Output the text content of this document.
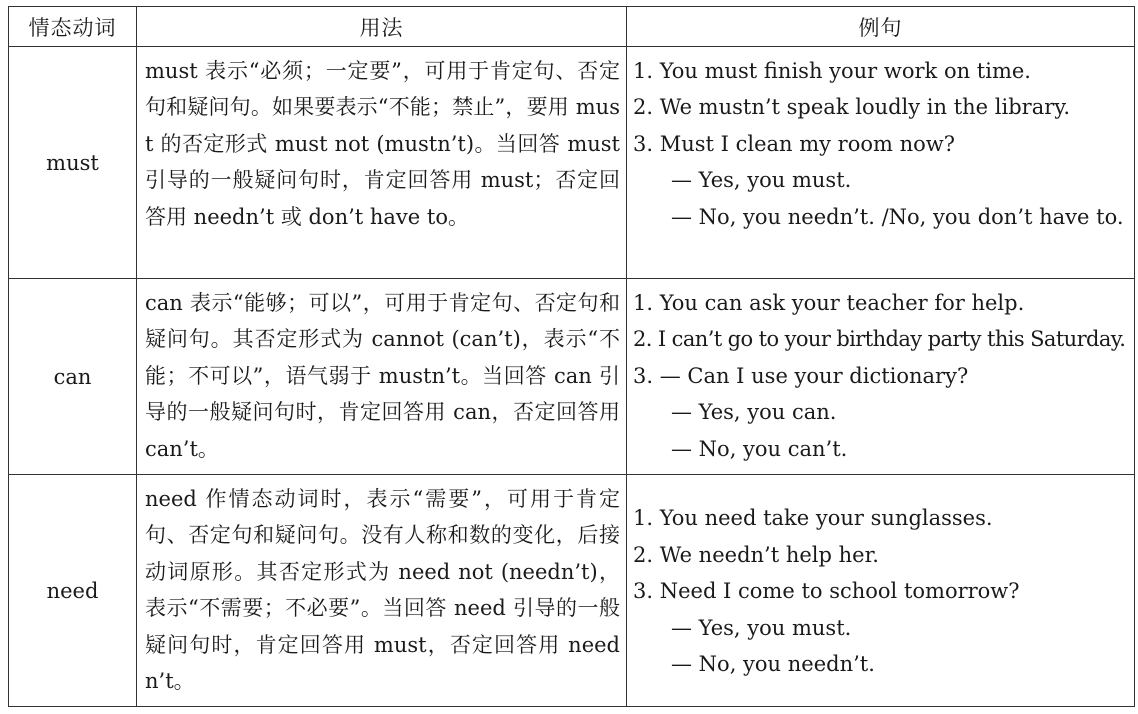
情态动词	用法	例句
must	must 表示“必须；一定要”，可用于肯定句、否定句和疑问句。如果要表示“不能；禁止”，要用 must 的否定形式 must not (mustn’t)。当回答 must 引导的一般疑问句时，肯定回答用 must；否定回答用 needn’t 或 don’t have to。	1. You must finish your work on time.
2. We mustn’t speak loudly in the library.
3. Must I clean my room now?
— Yes, you must.
— No, you needn’t. /No, you don’t have to.

can	can 表示“能够；可以”，可用于肯定句、否定句和疑问句。其否定形式为 cannot (can’t)，表示“不能；不可以”，语气弱于 mustn’t。当回答 can 引导的一般疑问句时，肯定回答用 can，否定回答用 can’t。	1. You can ask your teacher for help.
2. I can’t go to your birthday party this Saturday.
3. — Can I use your dictionary?
— Yes, you can.
— No, you can’t.

need	need 作情态动词时，表示“需要”，可用于肯定句、否定句和疑问句。没有人称和数的变化，后接动词原形。其否定形式为 need not (needn’t)，表示“不需要；不必要”。当回答 need 引导的一般疑问句时，肯定回答用 must，否定回答用 needn’t。	1. You need take your sunglasses.
2. We needn’t help her.
3. Need I come to school tomorrow?
— Yes, you must.
— No, you needn’t.
